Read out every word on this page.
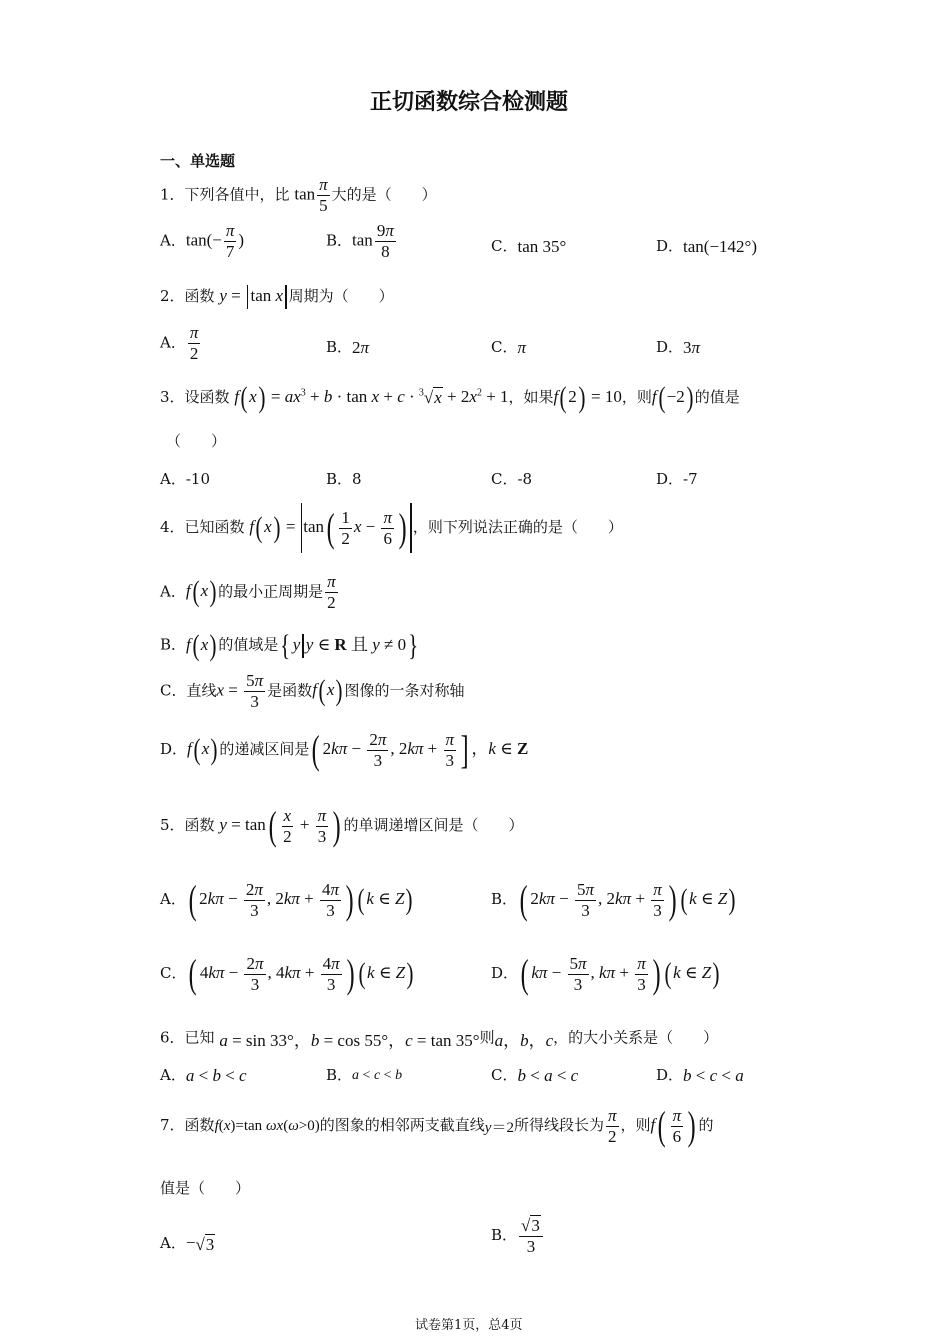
正切函数综合检测题
一、单选题
1．下列各值中，比 $\tan \frac{\pi}{5}$ 大的是（　　）
A．$\tan(- \frac{\pi}{7}$ )	B．$\tan \frac{9\pi}{8}$	C．tan 35°	D．tan(−142°)
2．函数 y = tan x 周期为（　　）
A． $\frac{\pi}{2}$	B．2π	C．π	D．3π
3．设函数 $f(x) = ax^3 + b \cdot \tan x + c \cdot ^3√x + 2x^2 + 1$，如果f(2) = 10，则f(−2) 的值是
（　　）
A．-10	B．8	C．-8	D．-7
4．已知函数 $f(x) = \tan( \frac{1}{2}$ $x - \frac{\pi}{6}$ ) ，则下列说法正确的是（　　）
A．f(x) 的最小正周期是 $\frac{\pi}{2}$
B．f(x) 的值域是{ y y ∈ R 且 y ≠ 0}
C．直线$x = \frac{5\pi}{3}$ 是函数f(x) 图像的一条对称轴
D．f(x) 的递减区间是( $2k\pi - \frac{2\pi}{3}$ , $2k\pi + \frac{\pi}{3}$ ] ，k ∈ Z
5．函数 $y = \tan( \frac{x}{2} + \frac{\pi}{3}$ ) 的单调递增区间是（　　）
A．( $2k\pi - \frac{2\pi}{3}$ , $2k\pi + \frac{4\pi}{3}$ ) (k ∈ Z)	B．( $2k\pi - \frac{5\pi}{3}$ , $2k\pi + \frac{\pi}{3}$ ) (k ∈ Z)
C．( $4k\pi - \frac{2\pi}{3}$ , $4k\pi + \frac{4\pi}{3}$ ) (k ∈ Z)	D．( $k\pi - \frac{5\pi}{3}$ , $k\pi + \frac{\pi}{3}$ ) (k ∈ Z)
6．已知 a = sin 33°，b = cos 55°，c = tan 35°则a，b，c，的大小关系是（　　）
A．a < b < c	B．a < c < b	C．b < a < c	D．b < c < a
7．函数f(x)=tan ωx(ω>0)的图象的相邻两支截直线y＝2所得线段长为 $\frac{\pi}{2}$ ，则$f( \frac{\pi}{6}$ ) 的
值是（　　）
A．−√3	B． $\frac{√3}{3}$
试卷第1页，总4页
